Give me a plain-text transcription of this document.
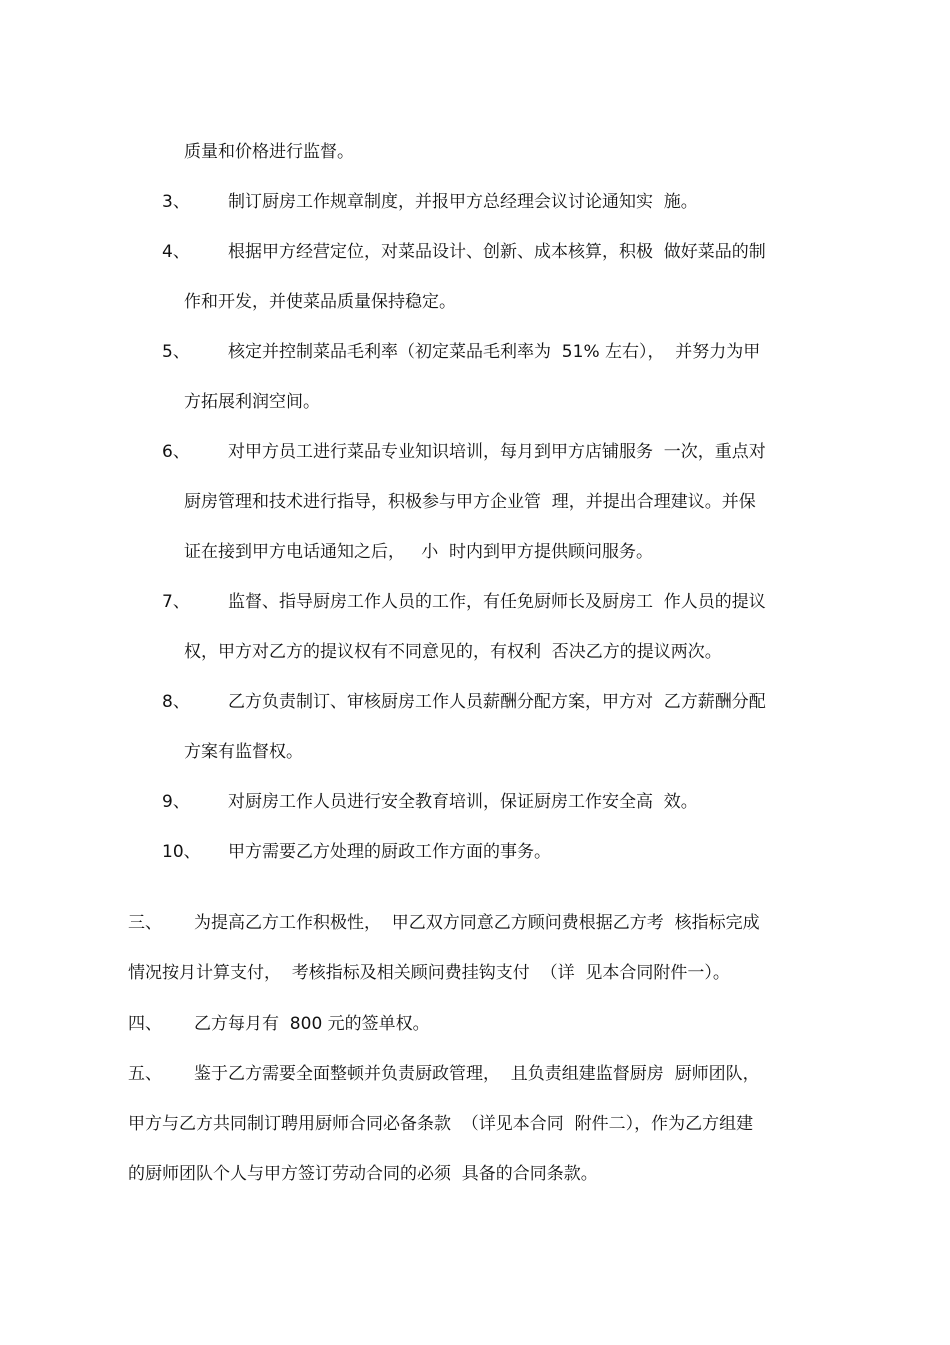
质量和价格进行监督。
3、 制订厨房工作规章制度，并报甲方总经理会议讨论通知实  施。
4、 根据甲方经营定位，对菜品设计、创新、成本核算，积极  做好菜品的制
作和开发，并使菜品质量保持稳定。
5、 核定并控制菜品毛利率（初定菜品毛利率为  51% 左右），  并努力为甲
方拓展利润空间。
6、 对甲方员工进行菜品专业知识培训，每月到甲方店铺服务  一次，重点对
厨房管理和技术进行指导，积极参与甲方企业管  理，并提出合理建议。并保
证在接到甲方电话通知之后，   小  时内到甲方提供顾问服务。
7、 监督、指导厨房工作人员的工作，有任免厨师长及厨房工  作人员的提议
权，甲方对乙方的提议权有不同意见的，有权利  否决乙方的提议两次。
8、 乙方负责制订、审核厨房工作人员薪酬分配方案，甲方对  乙方薪酬分配
方案有监督权。
9、 对厨房工作人员进行安全教育培训，保证厨房工作安全高  效。
10、 甲方需要乙方处理的厨政工作方面的事务。
三、 为提高乙方工作积极性，  甲乙双方同意乙方顾问费根据乙方考  核指标完成
情况按月计算支付，  考核指标及相关顾问费挂钩支付  （详  见本合同附件一）。
四、 乙方每月有  800 元的签单权。
五、 鉴于乙方需要全面整顿并负责厨政管理，  且负责组建监督厨房  厨师团队，
甲方与乙方共同制订聘用厨师合同必备条款  （详见本合同  附件二），作为乙方组建
的厨师团队个人与甲方签订劳动合同的必须  具备的合同条款。
